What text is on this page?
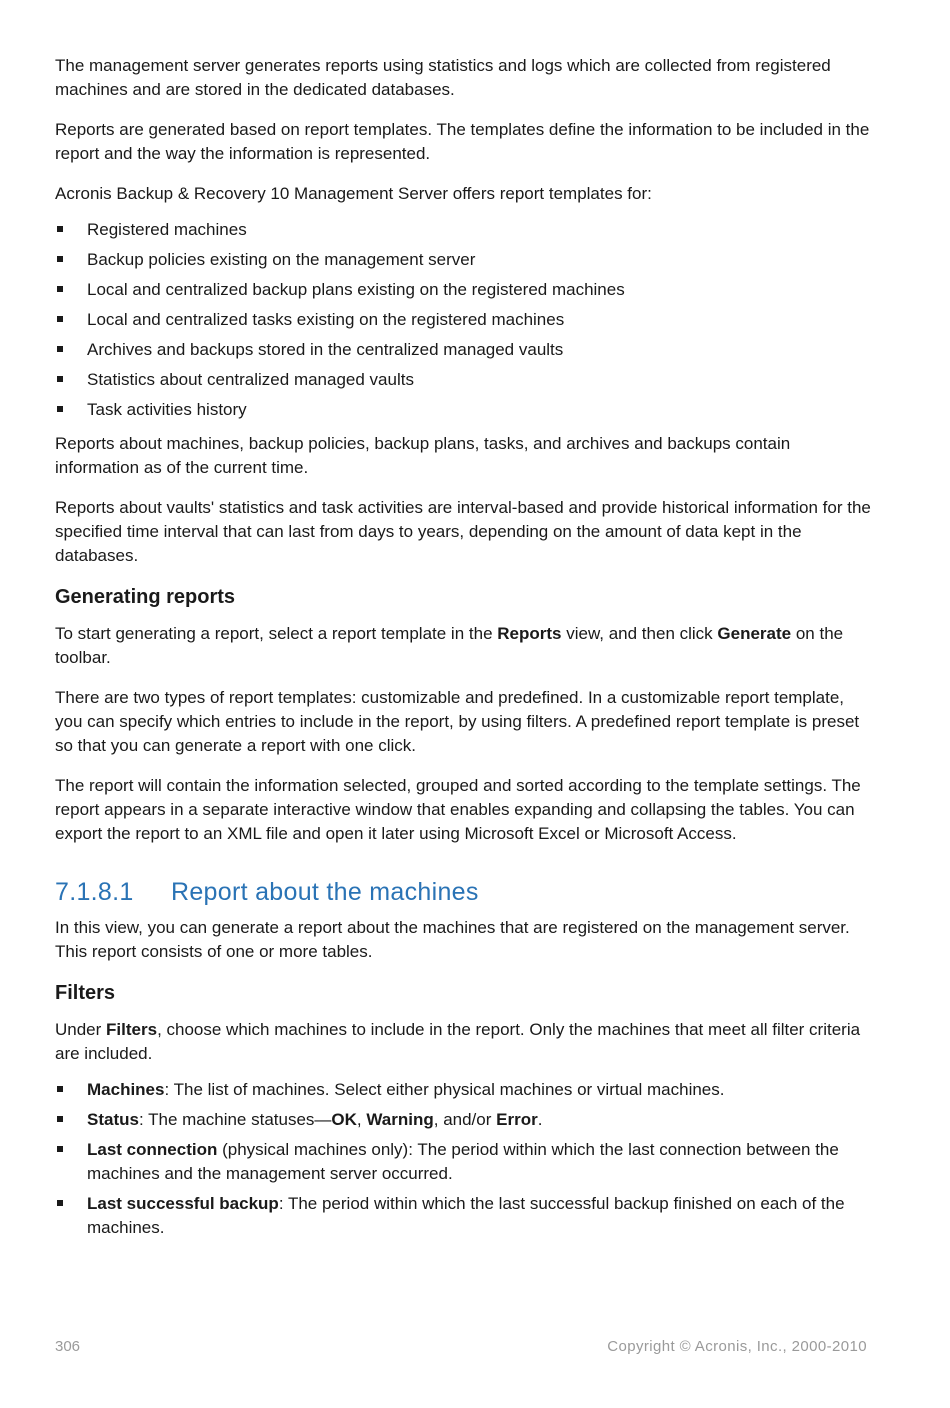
The management server generates reports using statistics and logs which are collected from registered machines and are stored in the dedicated databases.

Reports are generated based on report templates. The templates define the information to be included in the report and the way the information is represented.

Acronis Backup & Recovery 10 Management Server offers report templates for:

Registered machines
Backup policies existing on the management server
Local and centralized backup plans existing on the registered machines
Local and centralized tasks existing on the registered machines
Archives and backups stored in the centralized managed vaults
Statistics about centralized managed vaults
Task activities history

Reports about machines, backup policies, backup plans, tasks, and archives and backups contain information as of the current time.

Reports about vaults' statistics and task activities are interval-based and provide historical information for the specified time interval that can last from days to years, depending on the amount of data kept in the databases.

Generating reports

To start generating a report, select a report template in the Reports view, and then click Generate on the toolbar.

There are two types of report templates: customizable and predefined. In a customizable report template, you can specify which entries to include in the report, by using filters. A predefined report template is preset so that you can generate a report with one click.

The report will contain the information selected, grouped and sorted according to the template settings. The report appears in a separate interactive window that enables expanding and collapsing the tables. You can export the report to an XML file and open it later using Microsoft Excel or Microsoft Access.

7.1.8.1 Report about the machines

In this view, you can generate a report about the machines that are registered on the management server. This report consists of one or more tables.

Filters

Under Filters, choose which machines to include in the report. Only the machines that meet all filter criteria are included.

Machines: The list of machines. Select either physical machines or virtual machines.
Status: The machine statuses—OK, Warning, and/or Error.
Last connection (physical machines only): The period within which the last connection between the machines and the management server occurred.
Last successful backup: The period within which the last successful backup finished on each of the machines.
306	Copyright © Acronis, Inc., 2000-2010
